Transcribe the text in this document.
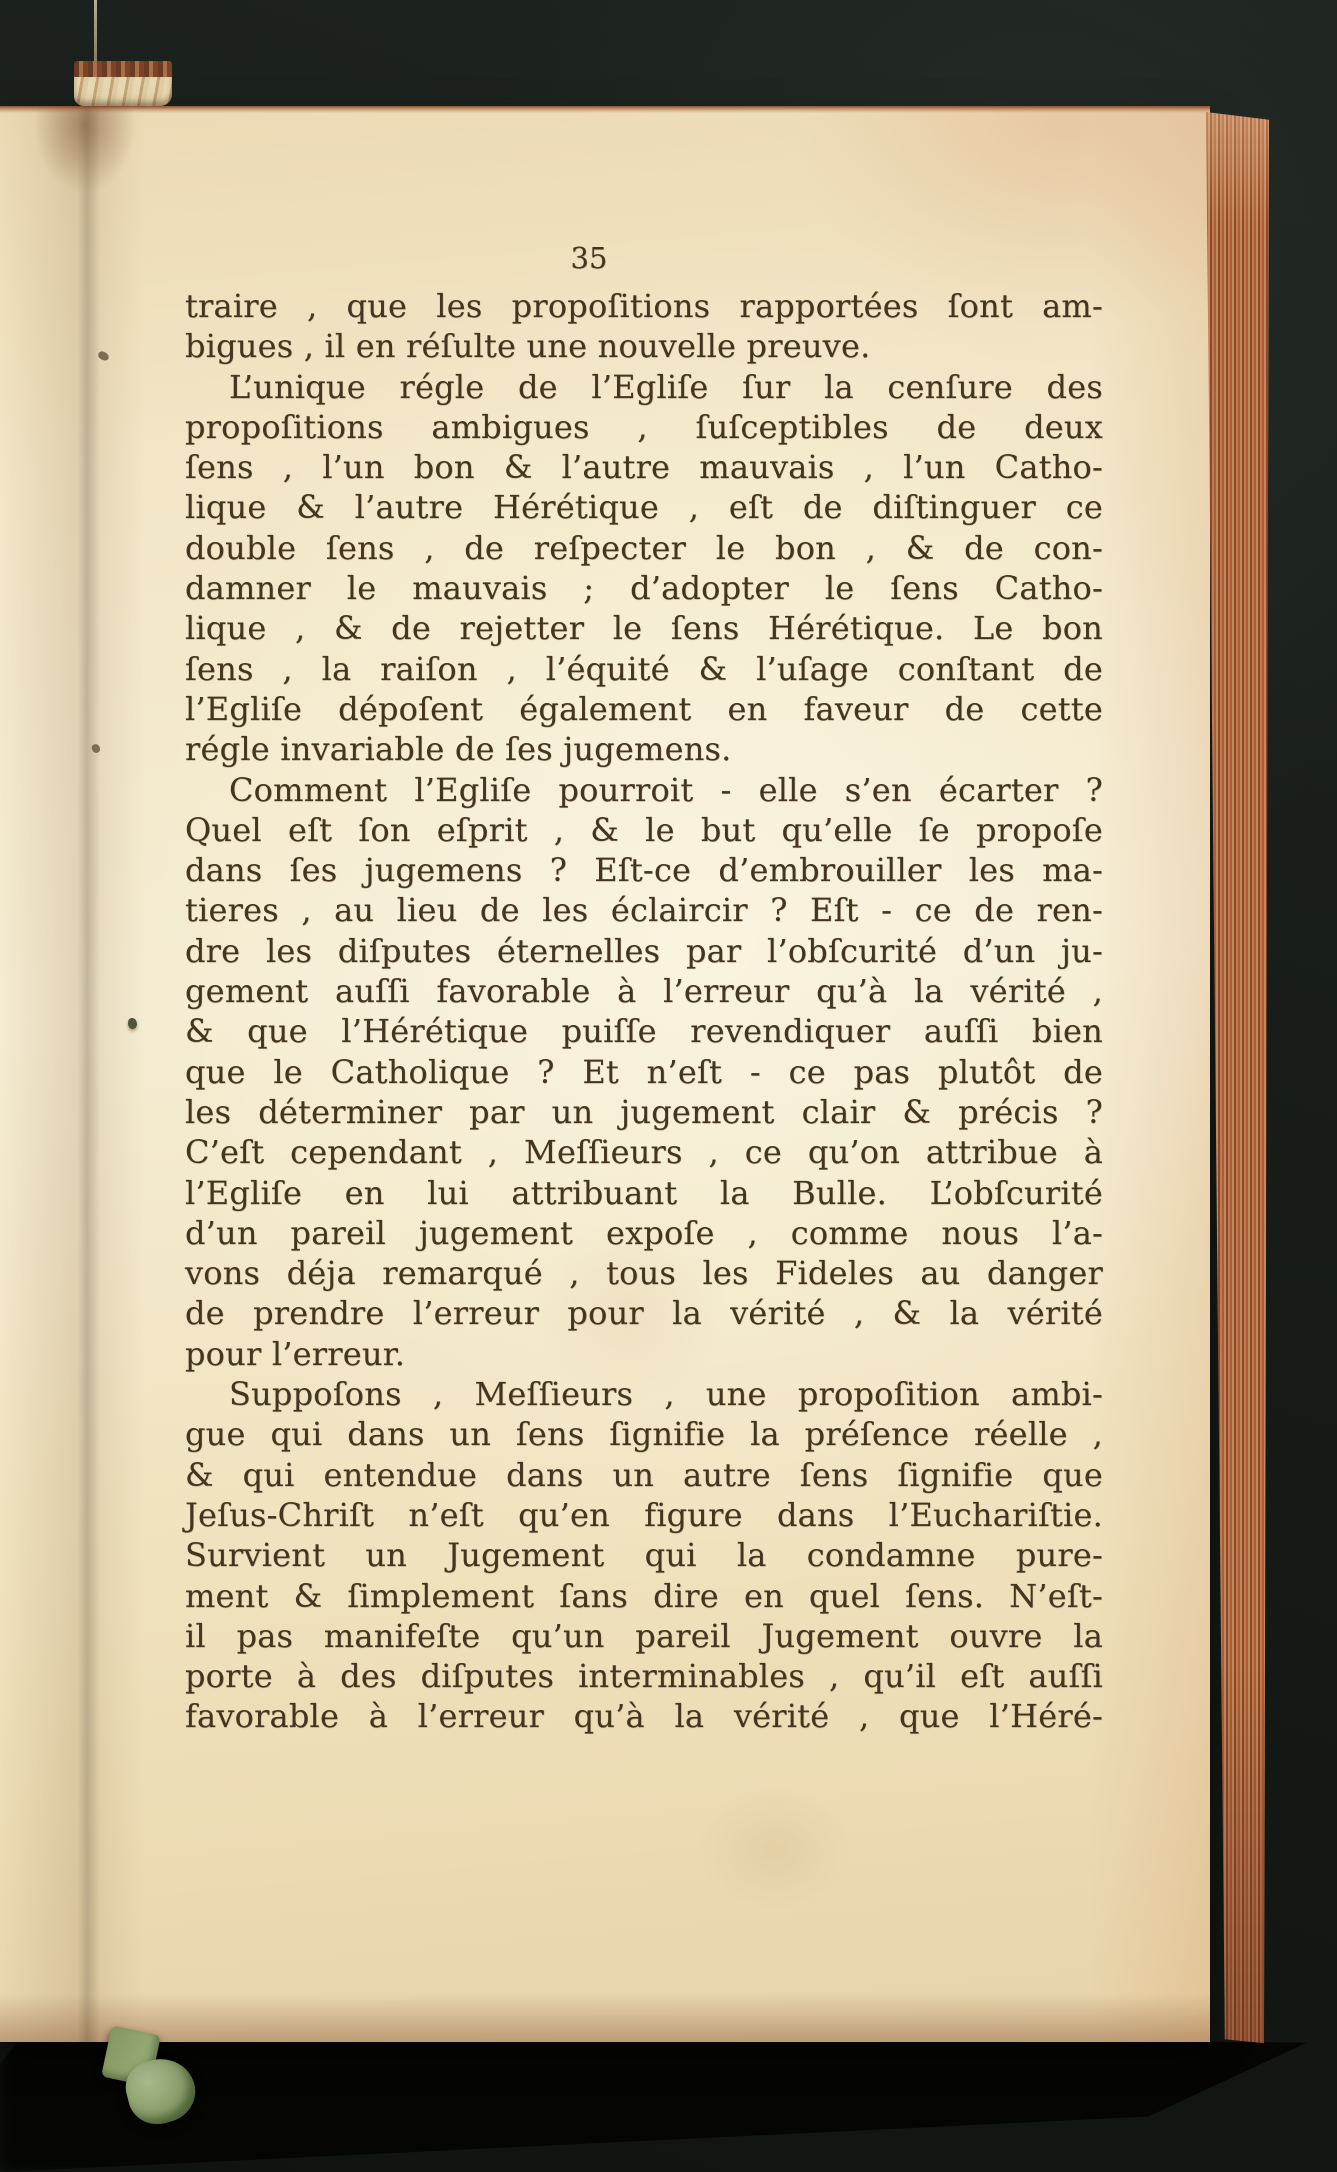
35
traire , que les propoſitions rapportées ſont am-
bigues , il en réſulte une nouvelle preuve.
L’unique régle de l’Egliſe ſur la cenſure des
propoſitions ambigues , ſuſceptibles de deux
ſens , l’un bon & l’autre mauvais , l’un Catho-
lique & l’autre Hérétique , eſt de diſtinguer ce
double ſens , de reſpecter le bon , & de con-
damner le mauvais ; d’adopter le ſens Catho-
lique , & de rejetter le ſens Hérétique. Le bon
ſens , la raiſon , l’équité & l’uſage conſtant de
l’Egliſe dépoſent également en faveur de cette
régle invariable de ſes jugemens.
Comment l’Egliſe pourroit - elle s’en écarter ?
Quel eſt ſon eſprit , & le but qu’elle ſe propoſe
dans ſes jugemens ? Eſt-ce d’embrouiller les ma-
tieres , au lieu de les éclaircir ? Eſt - ce de ren-
dre les diſputes éternelles par l’obſcurité d’un ju-
gement auſſi favorable à l’erreur qu’à la vérité ,
& que l’Hérétique puiſſe revendiquer auſſi bien
que le Catholique ? Et n’eſt - ce pas plutôt de
les déterminer par un jugement clair & précis ?
C’eſt cependant , Meſſieurs , ce qu’on attribue à
l’Egliſe en lui attribuant la Bulle. L’obſcurité
d’un pareil jugement expoſe , comme nous l’a-
vons déja remarqué , tous les Fideles au danger
de prendre l’erreur pour la vérité , & la vérité
pour l’erreur.
Suppoſons , Meſſieurs , une propoſition ambi-
gue qui dans un ſens ſignifie la préſence réelle ,
& qui entendue dans un autre ſens ſignifie que
Jeſus-Chriſt n’eſt qu’en figure dans l’Euchariſtie.
Survient un Jugement qui la condamne pure-
ment & ſimplement ſans dire en quel ſens. N’eſt-
il pas manifeſte qu’un pareil Jugement ouvre la
porte à des diſputes interminables , qu’il eſt auſſi
favorable à l’erreur qu’à la vérité , que l’Héré-
